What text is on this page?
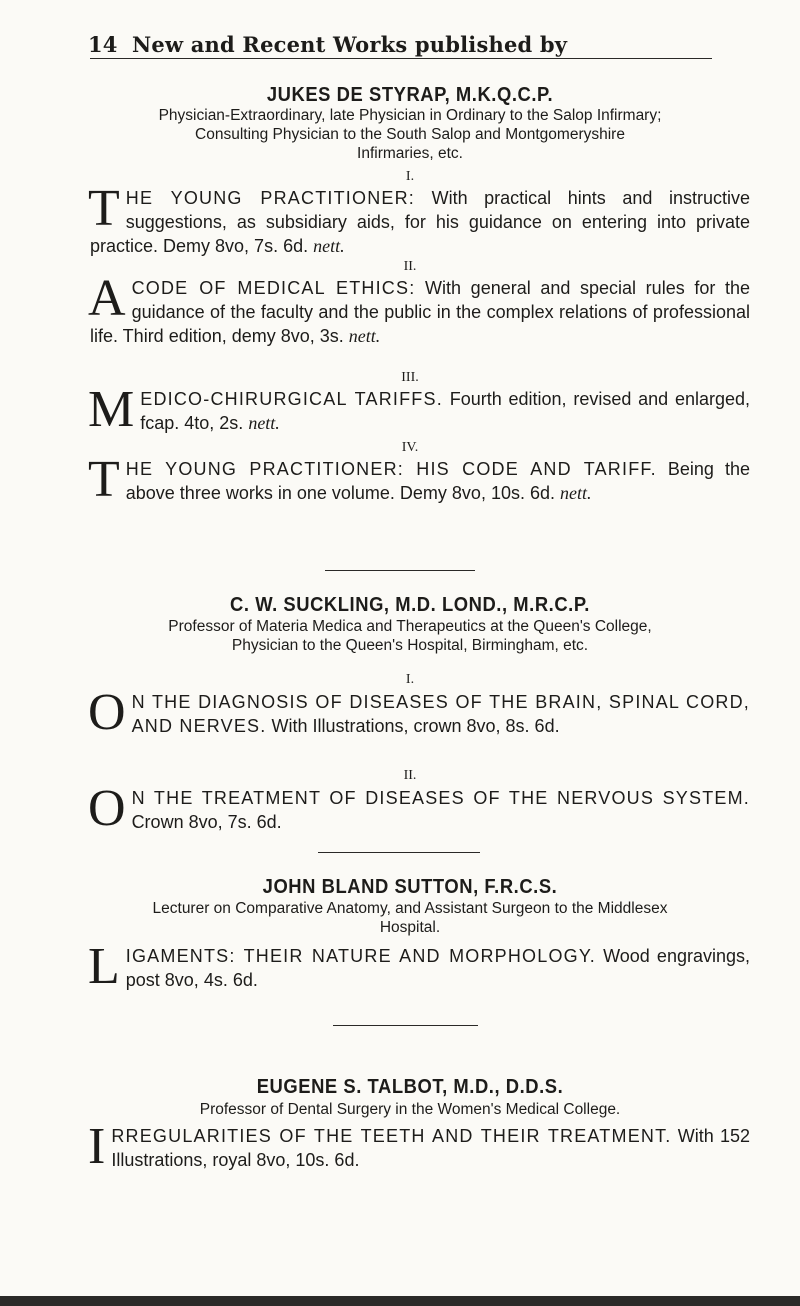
14 New and Recent Works published by
JUKES DE STYRAP, M.K.Q.C.P.
Physician-Extraordinary, late Physician in Ordinary to the Salop Infirmary;
Consulting Physician to the South Salop and Montgomeryshire
Infirmaries, etc.
I.
THE YOUNG PRACTITIONER: With practical hints and instructive suggestions, as subsidiary aids, for his guidance on entering into private practice. Demy 8vo, 7s. 6d. nett.
II.
A CODE OF MEDICAL ETHICS: With general and special rules for the guidance of the faculty and the public in the complex relations of professional life. Third edition, demy 8vo, 3s. nett.
III.
MEDICO-CHIRURGICAL TARIFFS. Fourth edition, revised and enlarged, fcap. 4to, 2s. nett.
IV.
THE YOUNG PRACTITIONER: HIS CODE AND TARIFF. Being the above three works in one volume. Demy 8vo, 10s. 6d. nett.
C. W. SUCKLING, M.D. LOND., M.R.C.P.
Professor of Materia Medica and Therapeutics at the Queen's College,
Physician to the Queen's Hospital, Birmingham, etc.
I.
O N THE DIAGNOSIS OF DISEASES OF THE BRAIN, SPINAL CORD, AND NERVES. With Illustrations, crown 8vo, 8s. 6d.
II.
O N THE TREATMENT OF DISEASES OF THE NERVOUS SYSTEM. Crown 8vo, 7s. 6d.
JOHN BLAND SUTTON, F.R.C.S.
Lecturer on Comparative Anatomy, and Assistant Surgeon to the Middlesex
Hospital.
LIGAMENTS: THEIR NATURE AND MORPHOLOGY. Wood engravings, post 8vo, 4s. 6d.
EUGENE S. TALBOT, M.D., D.D.S.
Professor of Dental Surgery in the Women's Medical College.
IRREGULARITIES OF THE TEETH AND THEIR TREATMENT. With 152 Illustrations, royal 8vo, 10s. 6d.
